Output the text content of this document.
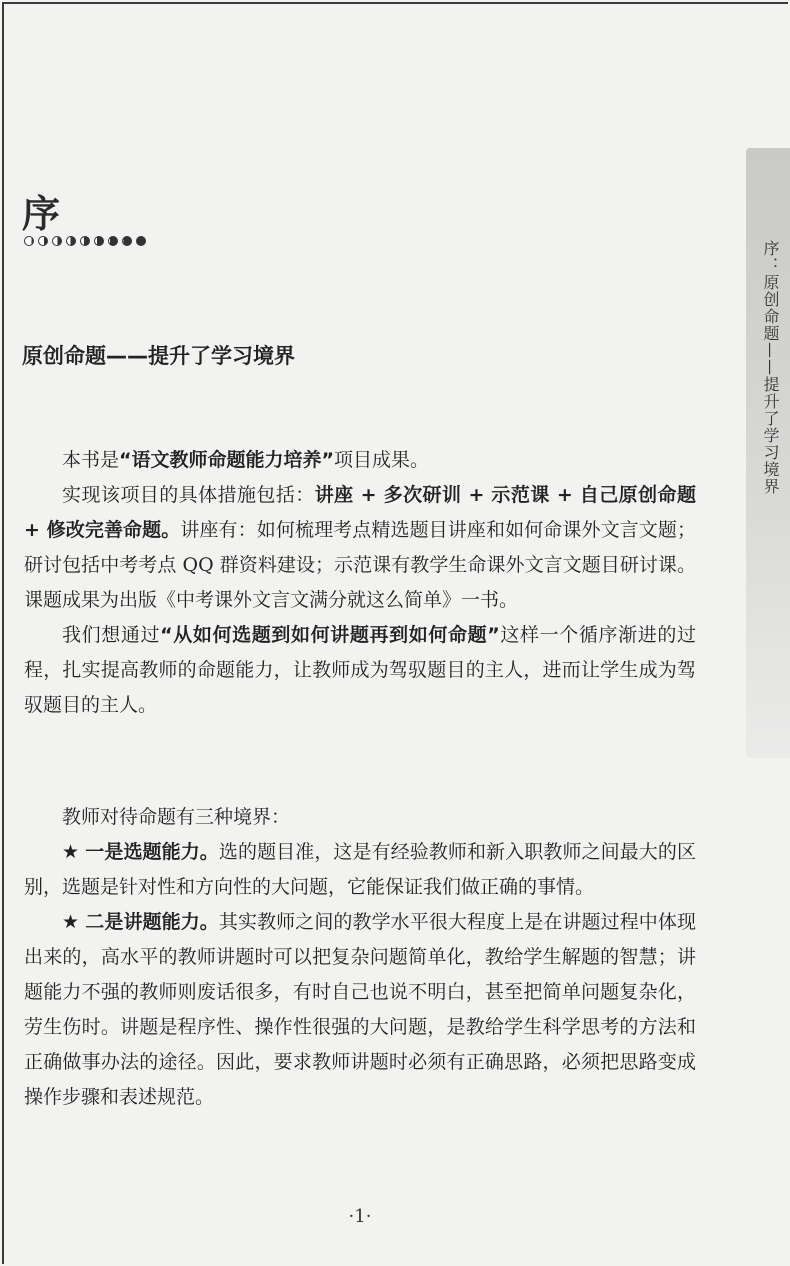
序：原创命题——提升了学习境界
序
原创命题——提升了学习境界

本书是“语文教师命题能力培养”项目成果。

实现该项目的具体措施包括：讲座 + 多次研训 + 示范课 + 自己原创命题 + 修改完善命题。讲座有：如何梳理考点精选题目讲座和如何命课外文言文题；研讨包括中考考点 QQ 群资料建设；示范课有教学生命课外文言文题目研讨课。课题成果为出版《中考课外文言文满分就这么简单》一书。

我们想通过“从如何选题到如何讲题再到如何命题”这样一个循序渐进的过程，扎实提高教师的命题能力，让教师成为驾驭题目的主人，进而让学生成为驾驭题目的主人。

教师对待命题有三种境界：

★ 一是选题能力。选的题目准，这是有经验教师和新入职教师之间最大的区别，选题是针对性和方向性的大问题，它能保证我们做正确的事情。

★ 二是讲题能力。其实教师之间的教学水平很大程度上是在讲题过程中体现出来的，高水平的教师讲题时可以把复杂问题简单化，教给学生解题的智慧；讲题能力不强的教师则废话很多，有时自己也说不明白，甚至把简单问题复杂化，劳生伤时。讲题是程序性、操作性很强的大问题，是教给学生科学思考的方法和正确做事办法的途径。因此，要求教师讲题时必须有正确思路，必须把思路变成操作步骤和表述规范。

·1·
